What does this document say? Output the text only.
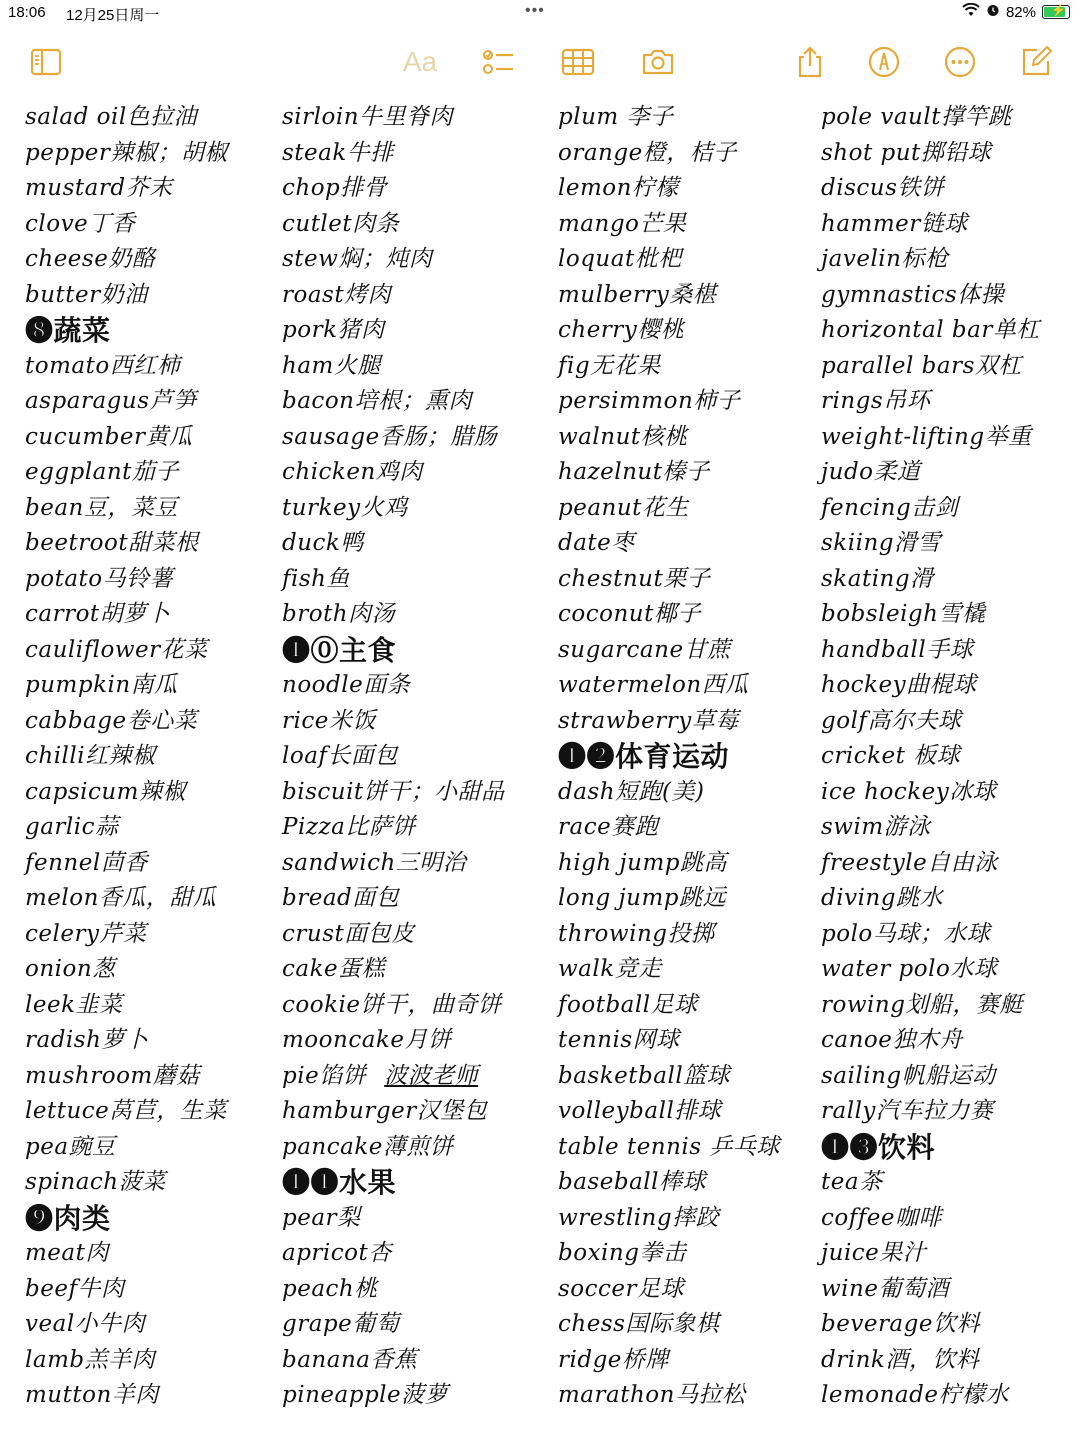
18:06 12月25日周一	•••	82% ⚡
Aa
salad oil色拉油
pepper辣椒；胡椒
mustard芥末
clove丁香
cheese奶酪
butter奶油
❽蔬菜
tomato西红柿
asparagus芦笋
cucumber黄瓜
eggplant茄子
bean豆，菜豆
beetroot甜菜根
potato马铃薯
carrot胡萝卜
cauliflower花菜
pumpkin南瓜
cabbage卷心菜
chilli红辣椒
capsicum辣椒
garlic蒜
fennel茴香
melon香瓜，甜瓜
celery芹菜
onion葱
leek韭菜
radish萝卜
mushroom蘑菇
lettuce莴苣，生菜
pea豌豆
spinach菠菜
❾肉类
meat肉
beef牛肉
veal小牛肉
lamb羔羊肉
mutton羊肉
sirloin牛里脊肉
steak牛排
chop排骨
cutlet肉条
stew焖；炖肉
roast烤肉
pork猪肉
ham火腿
bacon培根；熏肉
sausage香肠；腊肠
chicken鸡肉
turkey火鸡
duck鸭
fish鱼
broth肉汤
❶⓪主食
noodle面条
rice米饭
loaf长面包
biscuit饼干；小甜品
Pizza比萨饼
sandwich三明治
bread面包
crust面包皮
cake蛋糕
cookie饼干，曲奇饼
mooncake月饼
pie馅饼 波波老师
hamburger汉堡包
pancake薄煎饼
❶❶水果
pear梨
apricot杏
peach桃
grape葡萄
banana香蕉
pineapple菠萝
plum 李子
orange橙，桔子
lemon柠檬
mango芒果
loquat枇杷
mulberry桑椹
cherry樱桃
fig无花果
persimmon柿子
walnut核桃
hazelnut榛子
peanut花生
date枣
chestnut栗子
coconut椰子
sugarcane甘蔗
watermelon西瓜
strawberry草莓
❶❷体育运动
dash短跑(美)
race赛跑
high jump跳高
long jump跳远
throwing投掷
walk竞走
football足球
tennis网球
basketball篮球
volleyball排球
table tennis 乒乓球
baseball棒球
wrestling摔跤
boxing拳击
soccer足球
chess国际象棋
ridge桥牌
marathon马拉松
pole vault撑竿跳
shot put掷铅球
discus铁饼
hammer链球
javelin标枪
gymnastics体操
horizontal bar单杠
parallel bars双杠
rings吊环
weight-lifting举重
judo柔道
fencing击剑
skiing滑雪
skating滑
bobsleigh雪橇
handball手球
hockey曲棍球
golf高尔夫球
cricket 板球
ice hockey冰球
swim游泳
freestyle自由泳
diving跳水
polo马球；水球
water polo水球
rowing划船，赛艇
canoe独木舟
sailing帆船运动
rally汽车拉力赛
❶❸饮料
tea茶
coffee咖啡
juice果汁
wine葡萄酒
beverage饮料
drink酒，饮料
lemonade柠檬水
